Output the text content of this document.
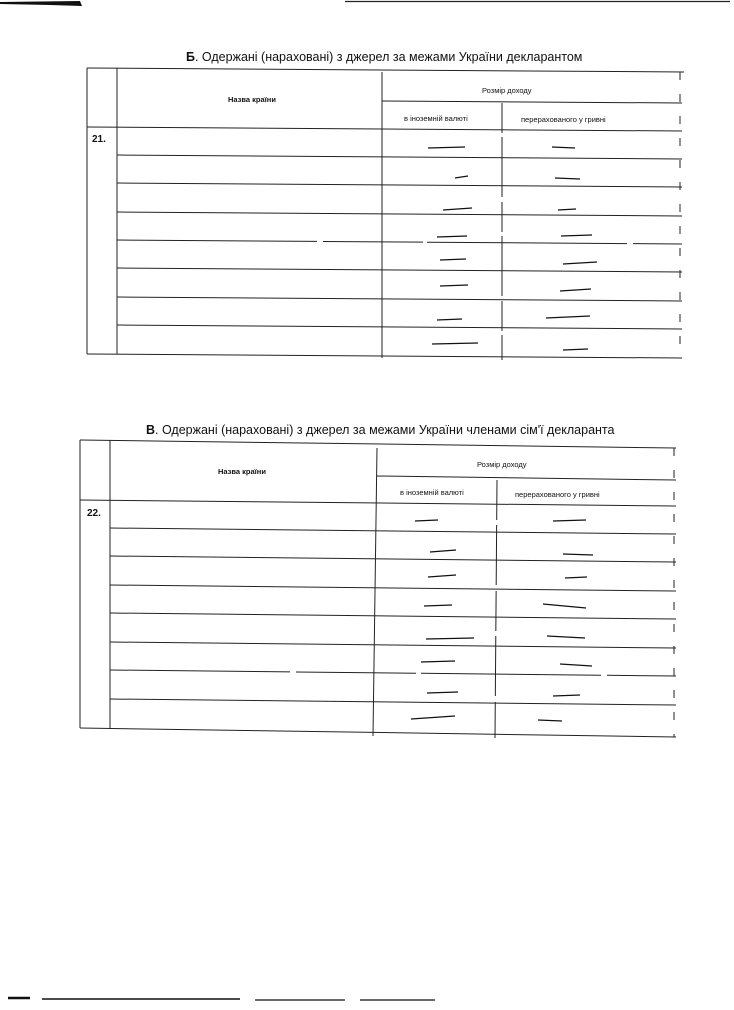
Б. Одержані (нараховані) з джерел за межами України декларантом
Назва країни
Розмір доходу
в іноземній валюті	перерахованого у гривні
21.
В. Одержані (нараховані) з джерел за межами України членами сім'ї декларанта
Назва країни
Розмір доходу
в іноземній валюті	перерахованого у гривні
22.
